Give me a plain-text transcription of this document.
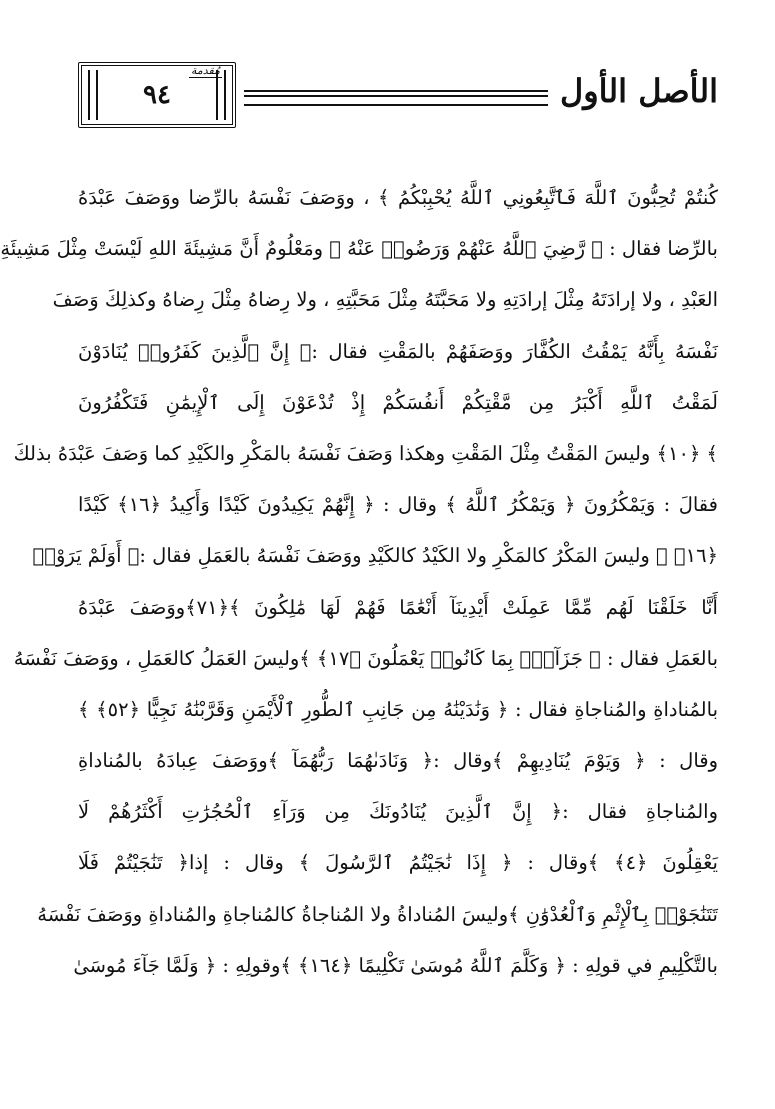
مُقدمة
٩٤	الأصل الأول
كُنتُمْ تُحِبُّونَ ٱللَّهَ فَٱتَّبِعُونِي ٱللَّهُ يُحْبِبْكُمُ ﴾ ، ووَصَفَ نَفْسَهُ بالرِّضا ووَصَفَ عَبْدَهُ
بالرِّضا فقال : ﴿ رَّضِيَ ٱللَّهُ عَنْهُمْ وَرَضُوا۟ عَنْهُ ﴾ ومَعْلُومٌ أَنَّ مَشِيئَةَ اللهِ لَيْسَتْ مِثْلَ مَشِيئَةِ
العَبْدِ ، ولا إرادَتَهُ مِثْلَ إرادَتِهِ ولا مَحَبَّتَهُ مِثْلَ مَحَبَّتِهِ ، ولا رِضاهُ مِثْلَ رِضاهُ وكذلِكَ وَصَفَ
نَفْسَهُ بِأَنَّهُ يَمْقُتُ الكُفَّارَ ووَصَفَهُمْ بالمَقْتِ فقال :﴿ إِنَّ ٱلَّذِينَ كَفَرُوا۟ يُنَادَوْنَ
لَمَقْتُ ٱللَّهِ أَكْبَرُ مِن مَّقْتِكُمْ أَنفُسَكُمْ إِذْ تُدْعَوْنَ إِلَى ٱلْإِيمَٰنِ فَتَكْفُرُونَ
﴾ ﴿١٠﴾ وليسَ المَقْتُ مِثْلَ المَقْتِ وهكذا وَصَفَ نَفْسَهُ بالمَكْرِ والكَيْدِ كما وَصَفَ عَبْدَهُ بذلكَ
فقالَ : وَيَمْكُرُونَ ﴿ وَيَمْكُرُ ٱللَّهُ ﴾ وقال : ﴿ إِنَّهُمْ يَكِيدُونَ كَيْدًا وَأَكِيدُ ﴿١٦﴾ كَيْدًا
﴿١٦﴾ ﴾ وليسَ المَكْرُ كالمَكْرِ ولا الكَيْدُ كالكَيْدِ ووَصَفَ نَفْسَهُ بالعَمَلِ فقال :﴿ أَوَلَمْ يَرَوْا۟
أَنَّا خَلَقْنَا لَهُم مِّمَّا عَمِلَتْ أَيْدِينَآ أَنْعَٰمًا فَهُمْ لَهَا مَٰلِكُونَ ﴾﴿٧١﴾ووَصَفَ عَبْدَهُ
بالعَمَلِ فقال : ﴿ جَزَآءًۢ بِمَا كَانُوا۟ يَعْمَلُونَ ﴿١٧﴾ ﴾وليسَ العَمَلُ كالعَمَلِ ، ووَصَفَ نَفْسَهُ
بالمُناداةِ والمُناجاةِ فقال : ﴿ وَنَٰدَيْنَٰهُ مِن جَانِبِ ٱلطُّورِ ٱلْأَيْمَنِ وَقَرَّبْنَٰهُ نَجِيًّا ﴿٥٢﴾ ﴾
وقال : ﴿ وَيَوْمَ يُنَادِيهِمْ ﴾وقال :﴿ وَنَادَىٰهُمَا رَبُّهُمَآ ﴾ووَصَفَ عِبادَهُ بالمُناداةِ
والمُناجاةِ فقال :﴿ إِنَّ ٱلَّذِينَ يُنَادُونَكَ مِن وَرَآءِ ٱلْحُجُرَٰتِ أَكْثَرُهُمْ لَا
يَعْقِلُونَ ﴿٤﴾ ﴾وقال : ﴿ إِذَا نَٰجَيْتُمُ ٱلرَّسُولَ ﴾ وقال : إذا﴿ تَنَٰجَيْتُمْ فَلَا
تَتَنَٰجَوْا۟ بِٱلْإِثْمِ وَٱلْعُدْوَٰنِ ﴾وليسَ المُناداةُ ولا المُناجاةُ كالمُناجاةِ والمُناداةِ ووَصَفَ نَفْسَهُ
بالتَّكْلِيمِ في قولِهِ : ﴿ وَكَلَّمَ ٱللَّهُ مُوسَىٰ تَكْلِيمًا ﴿١٦٤﴾ ﴾وقولِهِ : ﴿ وَلَمَّا جَآءَ مُوسَىٰ
